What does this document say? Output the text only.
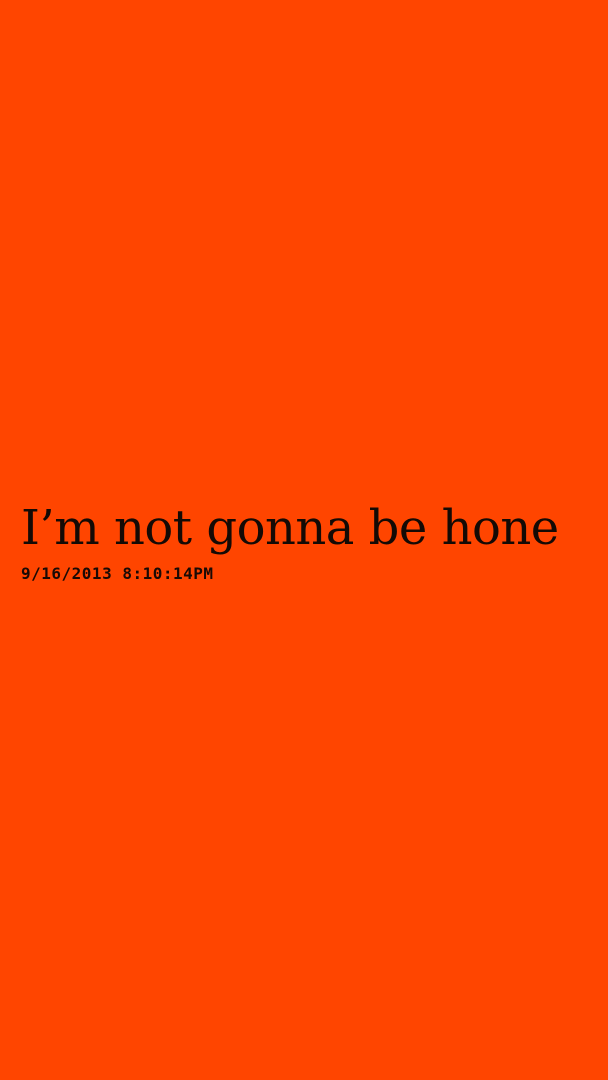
I’m not gonna be hone
9/16/2013 8:10:14PM
